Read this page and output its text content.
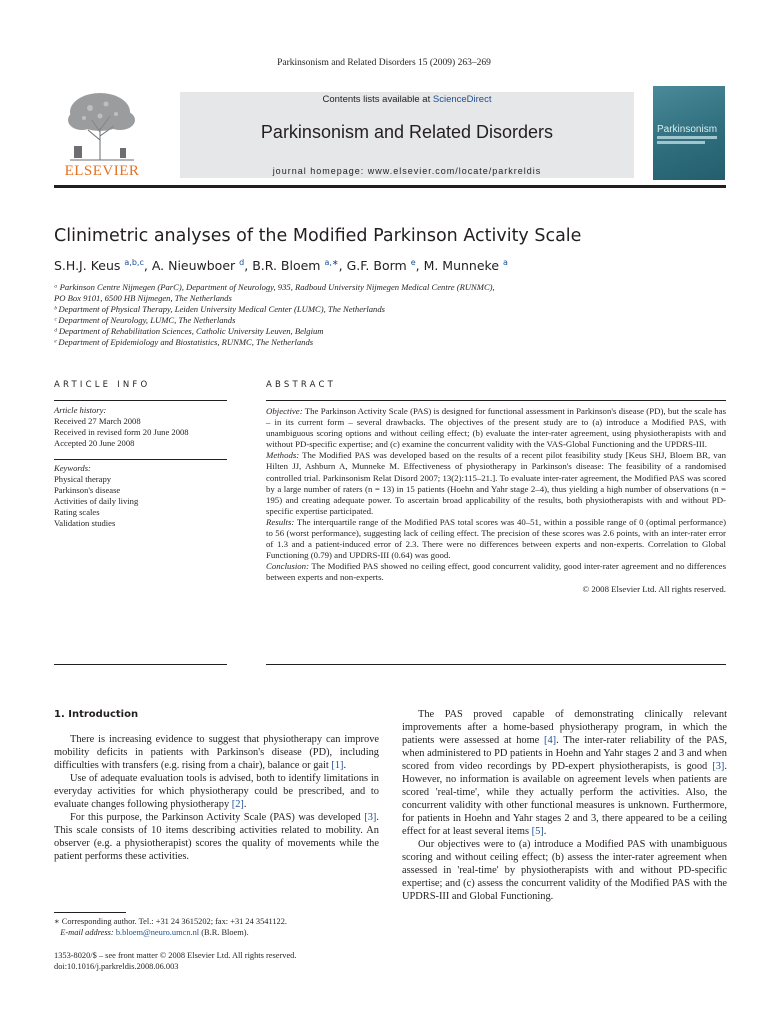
Parkinsonism and Related Disorders 15 (2009) 263–269
ELSEVIER
Contents lists available at ScienceDirect
Parkinsonism and Related Disorders
journal homepage: www.elsevier.com/locate/parkreldis
Parkinsonism
Clinimetric analyses of the Modified Parkinson Activity Scale
S.H.J. Keus $^{a,b,c}$, A. Nieuwboer $^d$, B.R. Bloem $^{a,∗}$, G.F. Borm $^e$, M. Munneke $^a$
ᵃ Parkinson Centre Nijmegen (ParC), Department of Neurology, 935, Radboud University Nijmegen Medical Centre (RUNMC),
PO Box 9101, 6500 HB Nijmegen, The Netherlands
ᵇ Department of Physical Therapy, Leiden University Medical Center (LUMC), The Netherlands
ᶜ Department of Neurology, LUMC, The Netherlands
ᵈ Department of Rehabilitation Sciences, Catholic University Leuven, Belgium
ᵉ Department of Epidemiology and Biostatistics, RUNMC, The Netherlands
ARTICLE INFO	ABSTRACT
Article history:
Received 27 March 2008
Received in revised form 20 June 2008
Accepted 20 June 2008
Keywords:
Physical therapy
Parkinson's disease
Activities of daily living
Rating scales
Validation studies

Objective: The Parkinson Activity Scale (PAS) is designed for functional assessment in Parkinson's disease (PD), but the scale has – in its current form – several drawbacks. The objectives of the present study are to (a) introduce a Modified PAS, with unambiguous scoring options and without ceiling effect; (b) evaluate the inter-rater agreement, using physiotherapists with and without PD-specific expertise; and (c) examine the concurrent validity with the VAS-Global Functioning and the UPDRS-III.

Methods: The Modified PAS was developed based on the results of a recent pilot feasibility study [Keus SHJ, Bloem BR, van Hilten JJ, Ashburn A, Munneke M. Effectiveness of physiotherapy in Parkinson's disease: The feasibility of a randomised controlled trial. Parkinsonism Relat Disord 2007; 13(2):115–21.]. To evaluate inter-rater agreement, the Modified PAS was scored by a large number of raters (n = 13) in 15 patients (Hoehn and Yahr stage 2–4), thus yielding a high number of observations (n = 195) and creating adequate power. To ascertain broad applicability of the results, both physiotherapists with and without PD-specific expertise participated.

Results: The interquartile range of the Modified PAS total scores was 40–51, within a possible range of 0 (optimal performance) to 56 (worst performance), suggesting lack of ceiling effect. The precision of these scores was 2.6 points, with an inter-rater error of 1.3 and a patient-induced error of 2.3. There were no differences between experts and non-experts. Correlation to Global Functioning (0.79) and UPDRS-III (0.64) was good.

Conclusion: The Modified PAS showed no ceiling effect, good concurrent validity, good inter-rater agreement and no differences between experts and non-experts.

© 2008 Elsevier Ltd. All rights reserved.

1. Introduction

There is increasing evidence to suggest that physiotherapy can improve mobility deficits in patients with Parkinson's disease (PD), including difficulties with transfers (e.g. rising from a chair), balance or gait [1].

Use of adequate evaluation tools is advised, both to identify limitations in everyday activities for which physiotherapy could be prescribed, and to evaluate changes following physiotherapy [2].

For this purpose, the Parkinson Activity Scale (PAS) was developed [3]. This scale consists of 10 items describing activities related to mobility. An observer (e.g. a physiotherapist) scores the quality of movements while the patient performs these activities.

The PAS proved capable of demonstrating clinically relevant improvements after a home-based physiotherapy program, in which the patients were assessed at home [4]. The inter-rater reliability of the PAS, when administered to PD patients in Hoehn and Yahr stages 2 and 3 and when scored from video recordings by PD-expert physiotherapists, is good [3]. However, no information is available on agreement levels when patients are scored 'real-time', while they actually perform the activities. Also, the concurrent validity with other functional measures is unknown. Furthermore, for patients in Hoehn and Yahr stages 2 and 3, there appeared to be a ceiling effect for at least several items [5].

Our objectives were to (a) introduce a Modified PAS with unambiguous scoring and without ceiling effect; (b) assess the inter-rater agreement when assessed in 'real-time' by physiotherapists with and without PD-specific expertise; and (c) assess the concurrent validity of the Modified PAS with the UPDRS-III and Global Functioning.

∗ Corresponding author. Tel.: +31 24 3615202; fax: +31 24 3541122.
E-mail address: b.bloem@neuro.umcn.nl (B.R. Bloem).
1353-8020/$ – see front matter © 2008 Elsevier Ltd. All rights reserved.
doi:10.1016/j.parkreldis.2008.06.003
